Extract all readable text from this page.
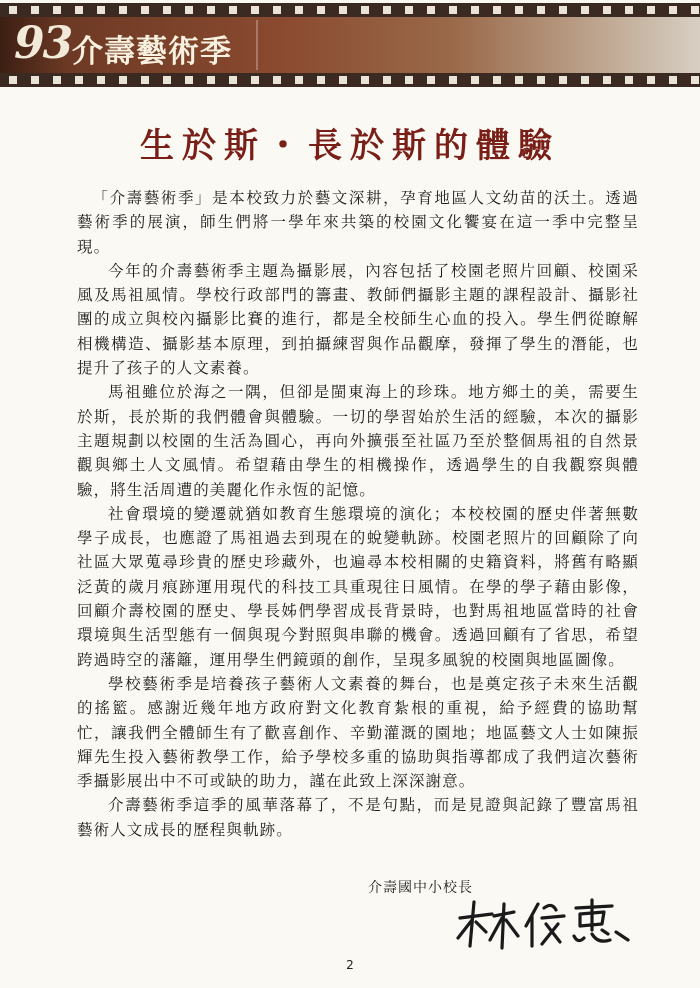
93 介壽藝術季
生於斯・長於斯的體驗

「介壽藝術季」是本校致力於藝文深耕，孕育地區人文幼苗的沃土。透過藝術季的展演，師生們將一學年來共築的校園文化饗宴在這一季中完整呈現。

今年的介壽藝術季主題為攝影展，內容包括了校園老照片回顧、校園采風及馬祖風情。學校行政部門的籌畫、教師們攝影主題的課程設計、攝影社團的成立與校內攝影比賽的進行，都是全校師生心血的投入。學生們從瞭解相機構造、攝影基本原理，到拍攝練習與作品觀摩，發揮了學生的潛能，也提升了孩子的人文素養。

馬祖雖位於海之一隅，但卻是閩東海上的珍珠。地方鄉土的美，需要生於斯，長於斯的我們體會與體驗。一切的學習始於生活的經驗，本次的攝影主題規劃以校園的生活為圓心，再向外擴張至社區乃至於整個馬祖的自然景觀與鄉土人文風情。希望藉由學生的相機操作，透過學生的自我觀察與體驗，將生活周遭的美麗化作永恆的記憶。

社會環境的變遷就猶如教育生態環境的演化；本校校園的歷史伴著無數學子成長，也應證了馬祖過去到現在的蛻變軌跡。校園老照片的回顧除了向社區大眾蒐尋珍貴的歷史珍藏外，也遍尋本校相關的史籍資料，將舊有略顯泛黃的歲月痕跡運用現代的科技工具重現往日風情。在學的學子藉由影像，回顧介壽校園的歷史、學長姊們學習成長背景時，也對馬祖地區當時的社會環境與生活型態有一個與現今對照與串聯的機會。透過回顧有了省思，希望跨過時空的藩籬，運用學生們鏡頭的創作，呈現多風貌的校園與地區圖像。

學校藝術季是培養孩子藝術人文素養的舞台，也是奠定孩子未來生活觀的搖籃。感謝近幾年地方政府對文化教育紮根的重視，給予經費的協助幫忙，讓我們全體師生有了歡喜創作、辛勤灌溉的園地；地區藝文人士如陳振輝先生投入藝術教學工作，給予學校多重的協助與指導都成了我們這次藝術季攝影展出中不可或缺的助力，謹在此致上深深謝意。

介壽藝術季這季的風華落幕了，不是句點，而是見證與記錄了豐富馬祖藝術人文成長的歷程與軌跡。

介壽國中小校長
2
